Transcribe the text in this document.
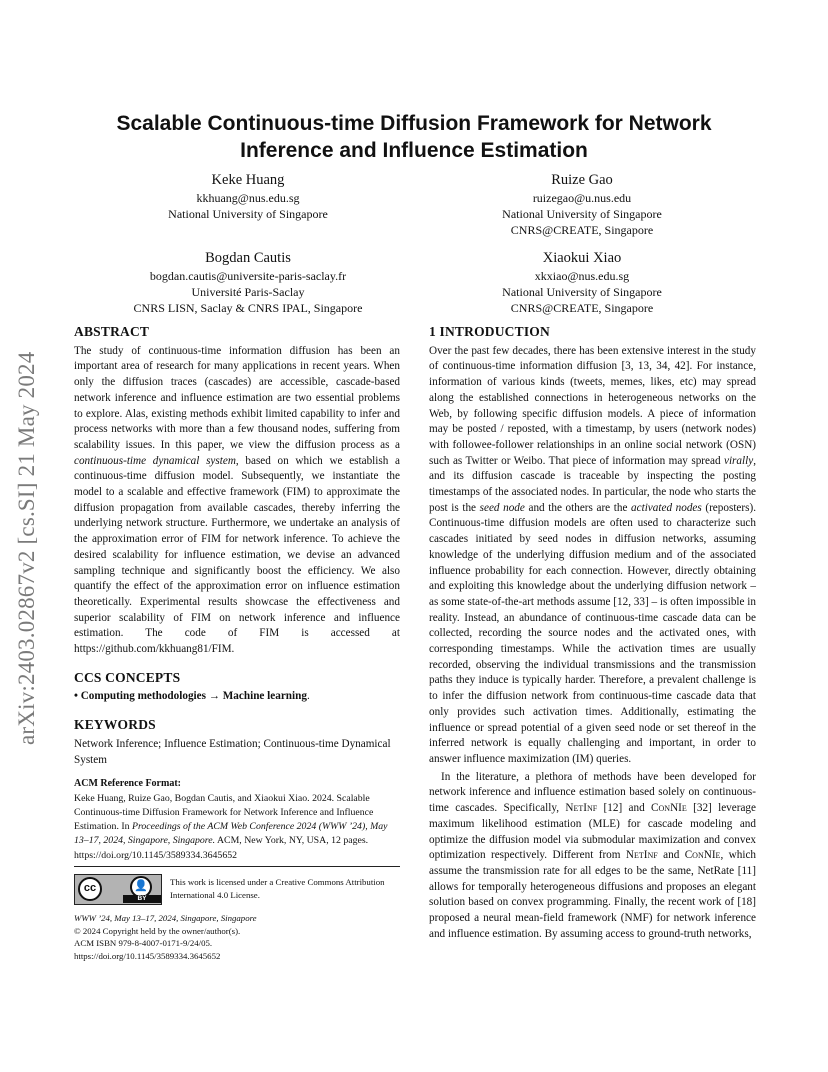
arXiv:2403.02867v2 [cs.SI] 21 May 2024
Scalable Continuous-time Diffusion Framework for Network
Inference and Influence Estimation
Keke Huang
kkhuang@nus.edu.sg
National University of Singapore
Ruize Gao
ruizegao@u.nus.edu
National University of Singapore
CNRS@CREATE, Singapore
Bogdan Cautis
bogdan.cautis@universite-paris-saclay.fr
Université Paris-Saclay
CNRS LISN, Saclay & CNRS IPAL, Singapore
Xiaokui Xiao
xkxiao@nus.edu.sg
National University of Singapore
CNRS@CREATE, Singapore
ABSTRACT

The study of continuous-time information diffusion has been an important area of research for many applications in recent years. When only the diffusion traces (cascades) are accessible, cascade-based network inference and influence estimation are two essential problems to explore. Alas, existing methods exhibit limited capability to infer and process networks with more than a few thousand nodes, suffering from scalability issues. In this paper, we view the diffusion process as a continuous-time dynamical system, based on which we establish a continuous-time diffusion model. Subsequently, we instantiate the model to a scalable and effective framework (FIM) to approximate the diffusion propagation from available cascades, thereby inferring the underlying network structure. Furthermore, we undertake an analysis of the approximation error of FIM for network inference. To achieve the desired scalability for influence estimation, we devise an advanced sampling technique and significantly boost the efficiency. We also quantify the effect of the approximation error on influence estimation theoretically. Experimental results showcase the effectiveness and superior scalability of FIM on network inference and influence estimation. The code of FIM is accessed at https://github.com/kkhuang81/FIM.

CCS CONCEPTS

• Computing methodologies → Machine learning.

KEYWORDS

Network Inference; Influence Estimation; Continuous-time Dynamical System

ACM Reference Format:

Keke Huang, Ruize Gao, Bogdan Cautis, and Xiaokui Xiao. 2024. Scalable Continuous-time Diffusion Framework for Network Inference and Influence Estimation. In Proceedings of the ACM Web Conference 2024 (WWW ’24), May 13–17, 2024, Singapore, Singapore. ACM, New York, NY, USA, 12 pages. https://doi.org/10.1145/3589334.3645652

cc	👤
BY
This work is licensed under a Creative Commons Attribution International 4.0 License.
WWW ’24, May 13–17, 2024, Singapore, Singapore
© 2024 Copyright held by the owner/author(s).
ACM ISBN 979-8-4007-0171-9/24/05.
https://doi.org/10.1145/3589334.3645652
1 INTRODUCTION

Over the past few decades, there has been extensive interest in the study of continuous-time information diffusion [3, 13, 34, 42]. For instance, information of various kinds (tweets, memes, likes, etc) may spread along the established connections in heterogeneous networks on the Web, by following specific diffusion models. A piece of information may be posted / reposted, with a timestamp, by users (network nodes) with followee-follower relationships in an online social network (OSN) such as Twitter or Weibo. That piece of information may spread virally, and its diffusion cascade is traceable by inspecting the posting timestamps of the associated nodes. In particular, the node who starts the post is the seed node and the others are the activated nodes (reposters). Continuous-time diffusion models are often used to characterize such cascades initiated by seed nodes in diffusion networks, assuming knowledge of the underlying diffusion medium and of the associated influence probability for each connection. However, directly obtaining and exploiting this knowledge about the underlying diffusion network – as some state-of-the-art methods assume [12, 33] – is often impossible in reality. Instead, an abundance of continuous-time cascade data can be collected, recording the source nodes and the activated ones, with corresponding timestamps. While the activation times are usually recorded, observing the individual transmissions and the transmission paths they induce is typically harder. Therefore, a prevalent challenge is to infer the diffusion network from continuous-time cascade data that only provides such activation times. Additionally, estimating the influence or spread potential of a given seed node or set thereof in the inferred network is equally challenging and important, in order to answer influence maximization (IM) queries.

In the literature, a plethora of methods have been developed for network inference and influence estimation based solely on continuous-time cascades. Specifically, NetInf [12] and ConNIe [32] leverage maximum likelihood estimation (MLE) for cascade modeling and optimize the diffusion model via submodular maximization and convex optimization respectively. Different from NetInf and ConNIe, which assume the transmission rate for all edges to be the same, NetRate [11] allows for temporally heterogeneous diffusions and proposes an elegant solution based on convex programming. Finally, the recent work of [18] proposed a neural mean-field framework (NMF) for network inference and influence estimation. By assuming access to ground-truth networks,
